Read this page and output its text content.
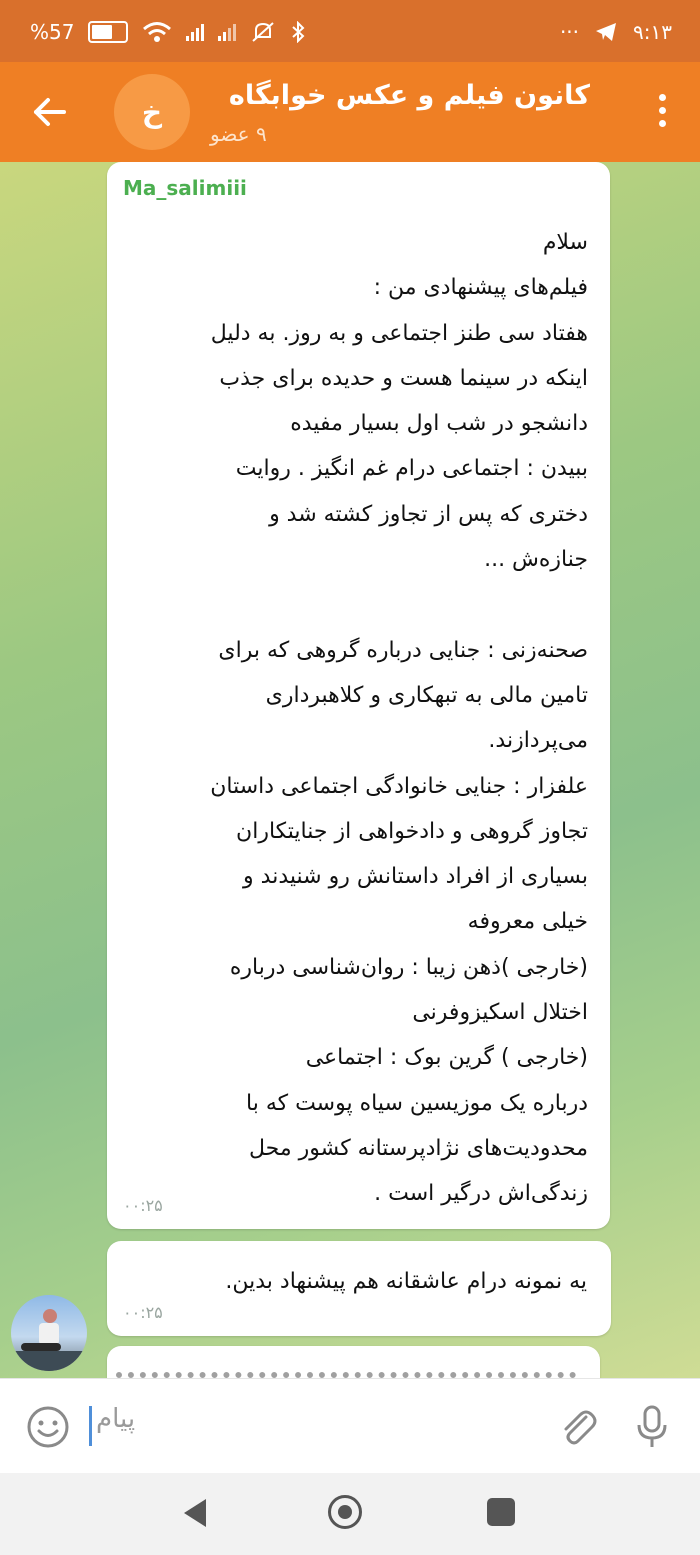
%57	···	۹:۱۳
خ	کانون فیلم و عکس خوابگاه
۹ عضو
Ma_salimiii
سلام
فیلم‌های پیشنهادی من :
هفتاد سی طنز اجتماعی و به روز. به دلیل
اینکه در سینما هست و حدیده برای جذب
دانشجو در شب اول بسیار مفیده
ببیدن : اجتماعی درام غم انگیز . روایت
دختری که پس از تجاوز کشته شد و
جنازه‌ش ...
صحنه‌زنی : جنایی درباره گروهی که برای
تامین مالی به تبهکاری و کلاهبرداری
می‌پردازند.
علفزار : جنایی خانوادگی اجتماعی داستان
تجاوز گروهی و دادخواهی از جنایتکاران
بسیاری از افراد داستانش رو شنیدند و
خیلی معروفه
(خارجی )ذهن زیبا : روان‌شناسی درباره
اختلال اسکیزوفرنی
(خارجی ) گرین بوک : اجتماعی
درباره یک موزیسین سیاه پوست که با
محدودیت‌های نژادپرستانه کشور محل
زندگی‌اش درگیر است .
۰۰:۲۵
یه نمونه درام عاشقانه هم پیشنهاد بدین.
۰۰:۲۵
پیام
